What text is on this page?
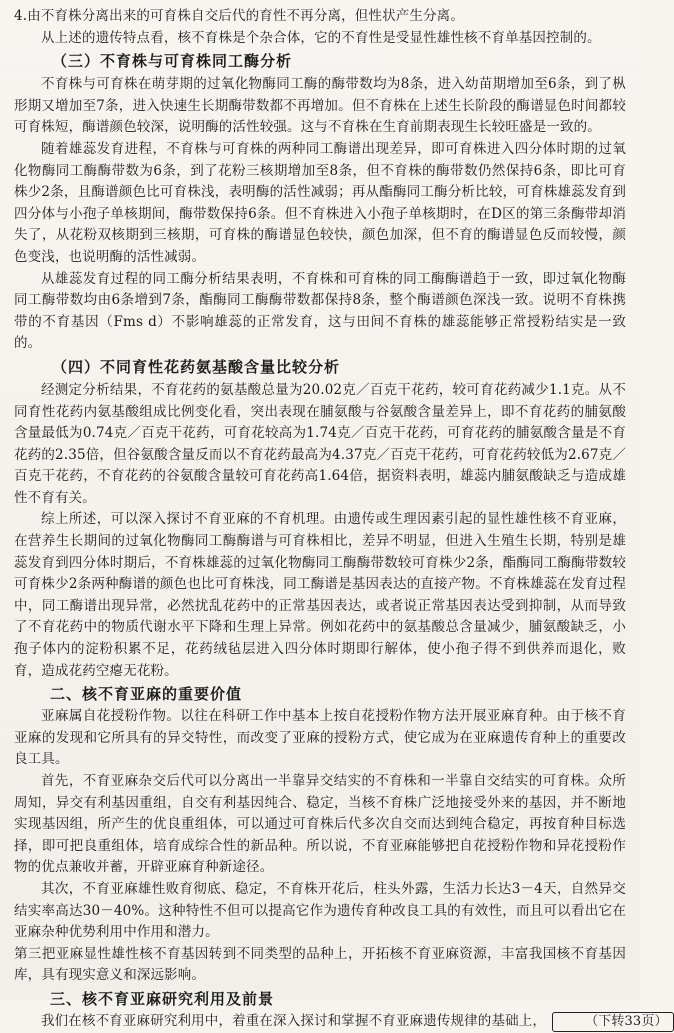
4.由不育株分离出来的可育株自交后代的育性不再分离，但性状产生分离。

从上述的遗传特点看，核不育株是个杂合体，它的不育性是受显性雄性核不育单基因控制的。

（三）不育株与可育株同工酶分析

不育株与可育株在萌芽期的过氧化物酶同工酶的酶带数均为8条，进入幼苗期增加至6条，到了枞形期又增加至7条，进入快速生长期酶带数都不再增加。但不育株在上述生长阶段的酶谱显色时间都较可育株短，酶谱颜色较深，说明酶的活性较强。这与不育株在生育前期表现生长较旺盛是一致的。

随着雄蕊发育进程，不育株与可育株的两种同工酶谱出现差异，即可育株进入四分体时期的过氧化物酶同工酶酶带数为6条，到了花粉三核期增加至8条，但不育株的酶带数仍然保持6条，即比可育株少2条，且酶谱颜色比可育株浅，表明酶的活性减弱；再从酯酶同工酶分析比较，可育株雄蕊发育到四分体与小孢子单核期间，酶带数保持6条。但不育株进入小孢子单核期时，在D区的第三条酶带却消失了，从花粉双核期到三核期，可育株的酶谱显色较快，颜色加深，但不育的酶谱显色反而较慢，颜色变浅，也说明酶的活性减弱。

从雄蕊发育过程的同工酶分析结果表明，不育株和可育株的同工酶酶谱趋于一致，即过氧化物酶同工酶带数均由6条增到7条，酯酶同工酶酶带数都保持8条，整个酶谱颜色深浅一致。说明不育株携带的不育基因（Fms d）不影响雄蕊的正常发育，这与田间不育株的雄蕊能够正常授粉结实是一致的。

（四）不同育性花药氨基酸含量比较分析

经测定分析结果，不育花药的氨基酸总量为20.02克／百克干花药，较可育花药减少1.1克。从不同育性花药内氨基酸组成比例变化看，突出表现在脯氨酸与谷氨酸含量差异上，即不育花药的脯氨酸含量最低为0.74克／百克干花药，可育花较高为1.74克／百克干花药，可育花药的脯氨酸含量是不育花药的2.35倍，但谷氨酸含量反而以不育花药最高为4.37克／百克干花药，可育花药较低为2.67克／百克干花药，不育花药的谷氨酸含量较可育花药高1.64倍，据资料表明，雄蕊内脯氨酸缺乏与造成雄性不育有关。

综上所述，可以深入探讨不育亚麻的不育机理。由遗传或生理因素引起的显性雄性核不育亚麻，在营养生长期间的过氧化物酶同工酶酶谱与可育株相比，差异不明显，但进入生殖生长期，特别是雄蕊发育到四分体时期后，不育株雄蕊的过氧化物酶同工酶酶带数较可育株少2条，酯酶同工酶酶带数较可育株少2条两种酶谱的颜色也比可育株浅，同工酶谱是基因表达的直接产物。不育株雄蕊在发育过程中，同工酶谱出现异常，必然扰乱花药中的正常基因表达，或者说正常基因表达受到抑制，从而导致了不育花药中的物质代谢水平下降和生理上异常。例如花药中的氨基酸总含量减少，脯氨酸缺乏，小孢子体内的淀粉积累不足，花药绒毡层进入四分体时期即行解体，使小孢子得不到供养而退化，败育，造成花药空瘪无花粉。

二、核不育亚麻的重要价值

亚麻属自花授粉作物。以往在科研工作中基本上按自花授粉作物方法开展亚麻育种。由于核不育亚麻的发现和它所具有的异交特性，而改变了亚麻的授粉方式，使它成为在亚麻遗传育种上的重要改良工具。

首先，不育亚麻杂交后代可以分离出一半靠异交结实的不育株和一半靠自交结实的可育株。众所周知，异交有利基因重组，自交有利基因纯合、稳定，当核不育株广泛地接受外来的基因，并不断地实现基因组，所产生的优良重组体，可以通过可育株后代多次自交而达到纯合稳定，再按育种目标选择，即可把良重组体，培育成综合性的新品种。所以说，不育亚麻能够把自花授粉作物和异花授粉作物的优点兼收并蓄，开辟亚麻育种新途径。

其次，不育亚麻雄性败育彻底、稳定，不育株开花后，柱头外露，生活力长达3－4天，自然异交结实率高达30－40%。这种特性不但可以提高它作为遗传育种改良工具的有效性，而且可以看出它在亚麻杂种优势利用中作用和潜力。

第三把亚麻显性雄性核不育基因转到不同类型的品种上，开拓核不育亚麻资源，丰富我国核不育基因库，具有现实意义和深远影响。

三、核不育亚麻研究利用及前景

我们在核不育亚麻研究利用中，着重在深入探讨和掌握不育亚麻遗传规律的基础上，	（下转33页）
